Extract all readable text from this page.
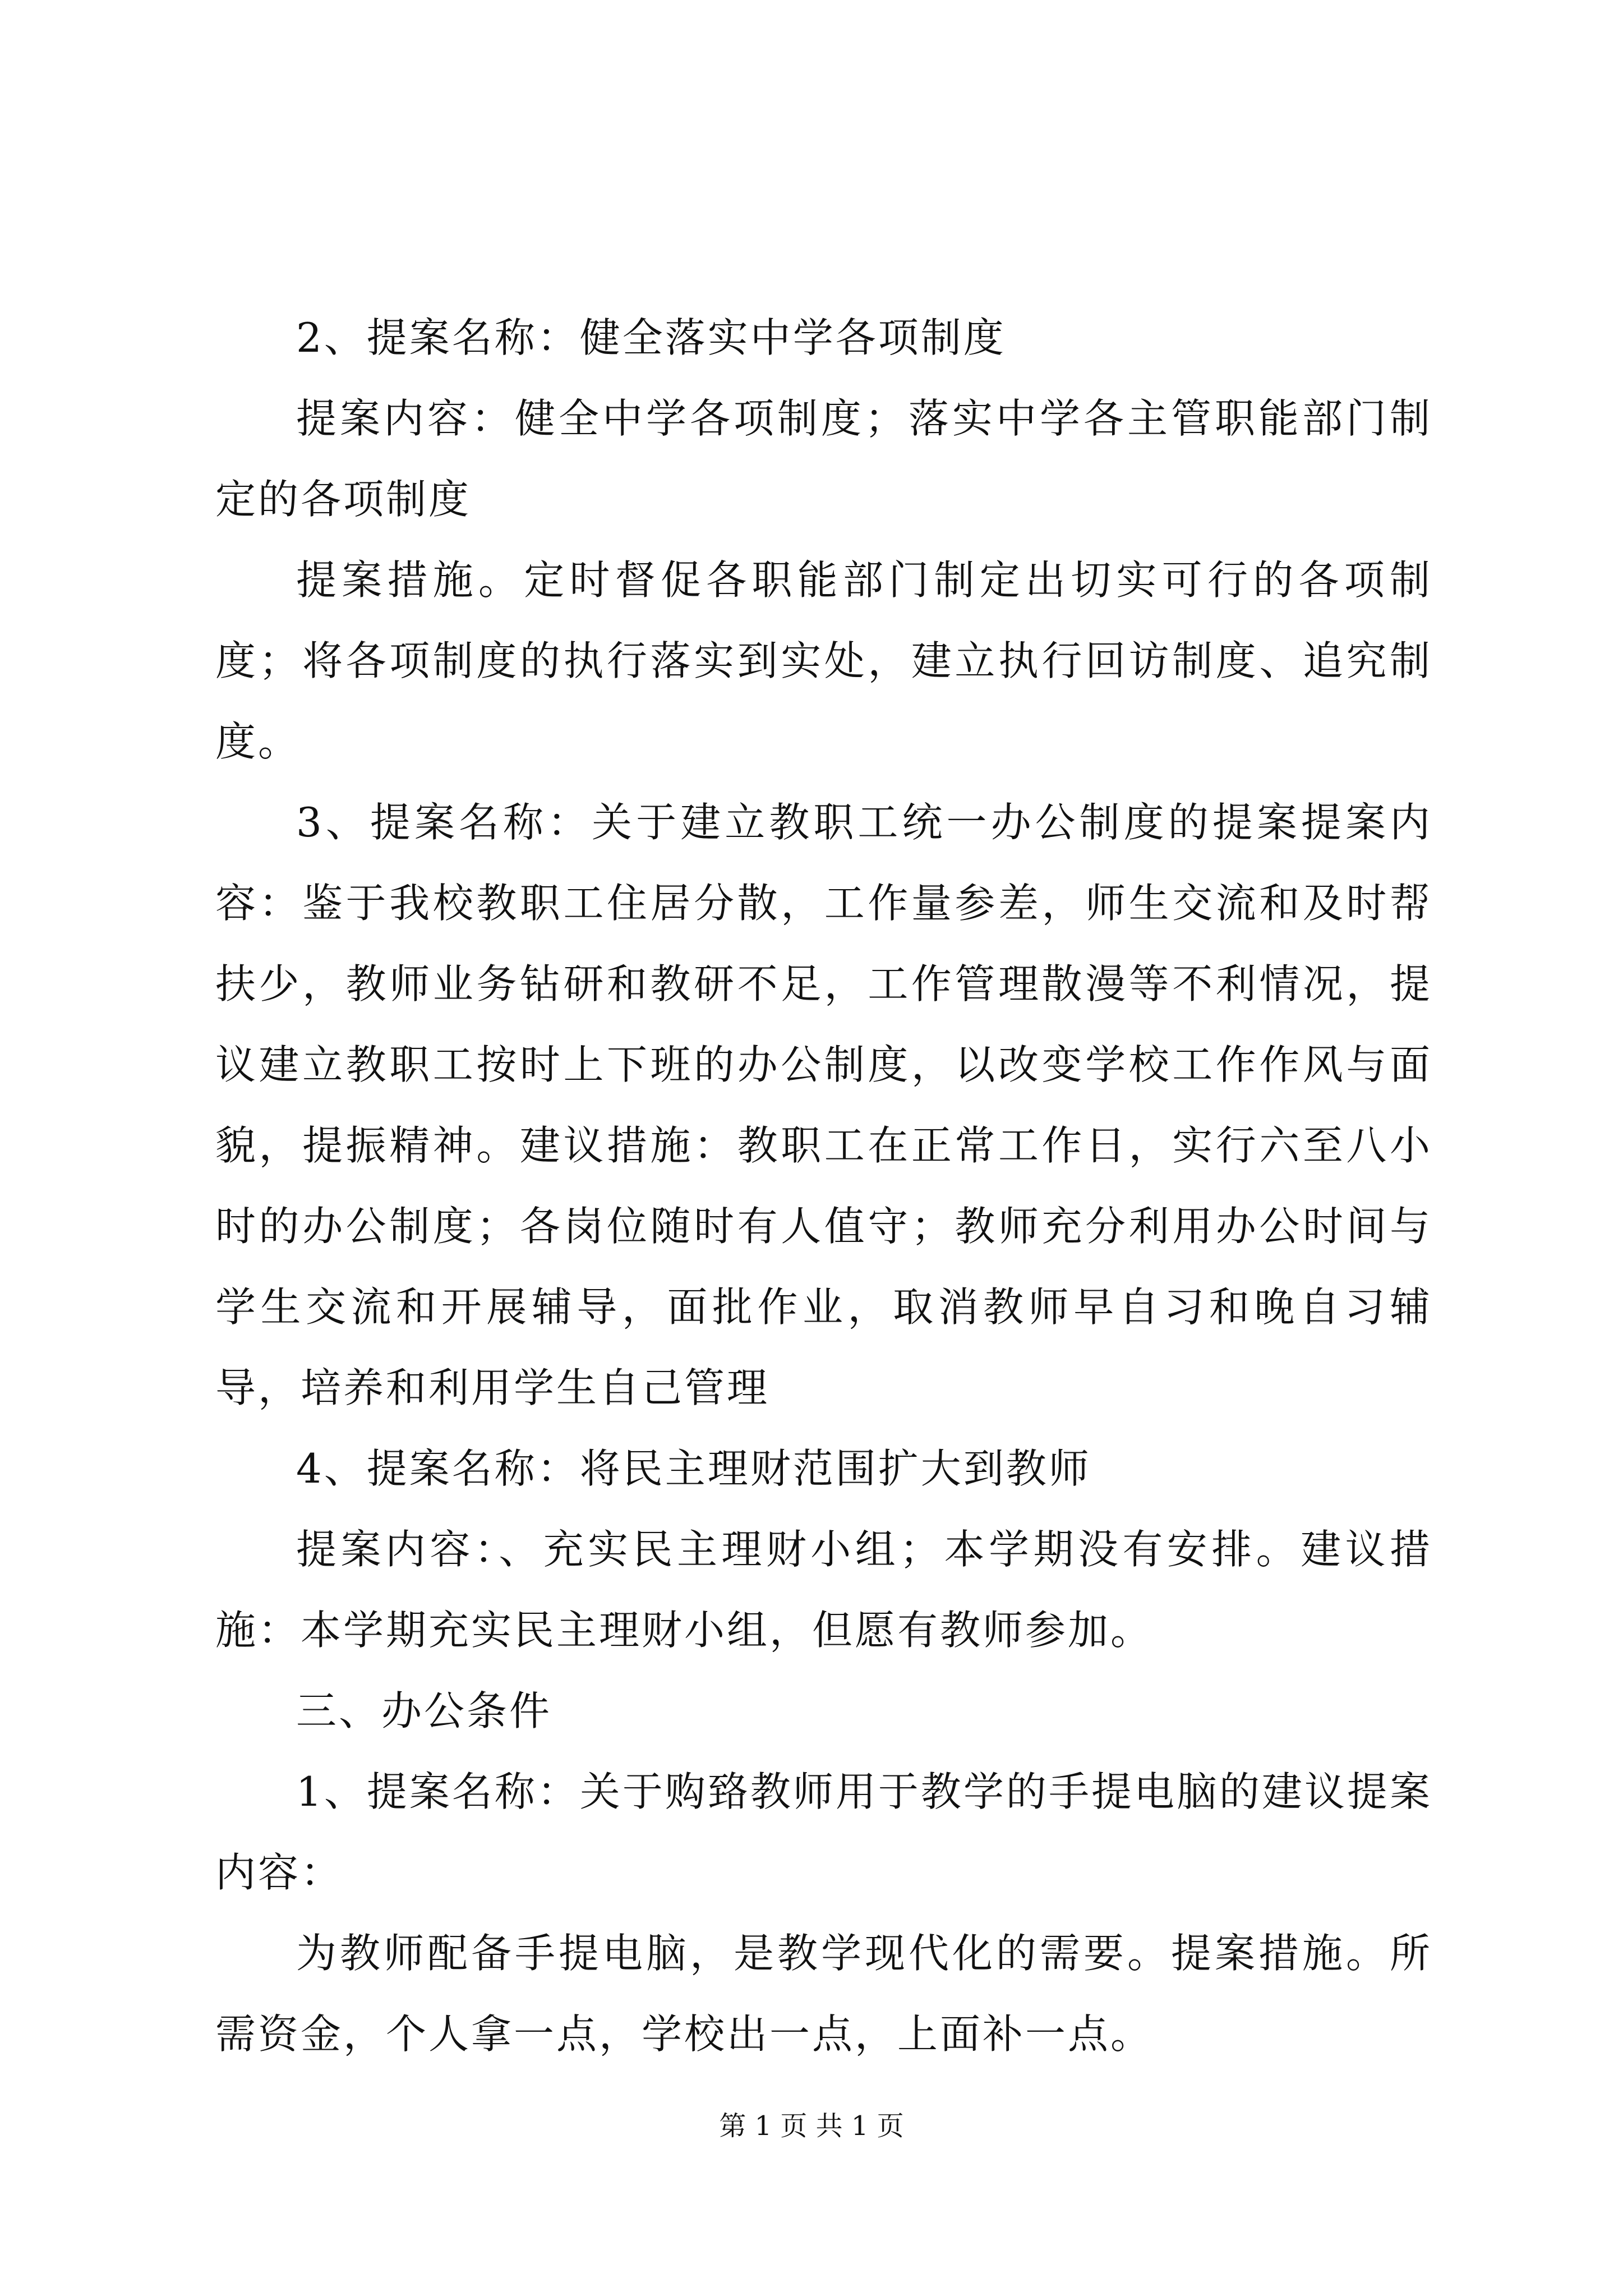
2、提案名称：健全落实中学各项制度

提案内容：健全中学各项制度；落实中学各主管职能部门制定的各项制度

提案措施。定时督促各职能部门制定出切实可行的各项制度；将各项制度的执行落实到实处，建立执行回访制度、追究制度。

3、提案名称：关于建立教职工统一办公制度的提案提案内容：鉴于我校教职工住居分散，工作量参差，师生交流和及时帮扶少，教师业务钻研和教研不足，工作管理散漫等不利情况，提议建立教职工按时上下班的办公制度，以改变学校工作作风与面貌，提振精神。建议措施：教职工在正常工作日，实行六至八小时的办公制度；各岗位随时有人值守；教师充分利用办公时间与学生交流和开展辅导，面批作业，取消教师早自习和晚自习辅导，培养和利用学生自己管理

4、提案名称：将民主理财范围扩大到教师

提案内容：、充实民主理财小组；本学期没有安排。建议措施：本学期充实民主理财小组，但愿有教师参加。

三、办公条件

1、提案名称：关于购臵教师用于教学的手提电脑的建议提案内容：

为教师配备手提电脑，是教学现代化的需要。提案措施。所需资金，个人拿一点，学校出一点，上面补一点。

第 1 页 共 1 页
